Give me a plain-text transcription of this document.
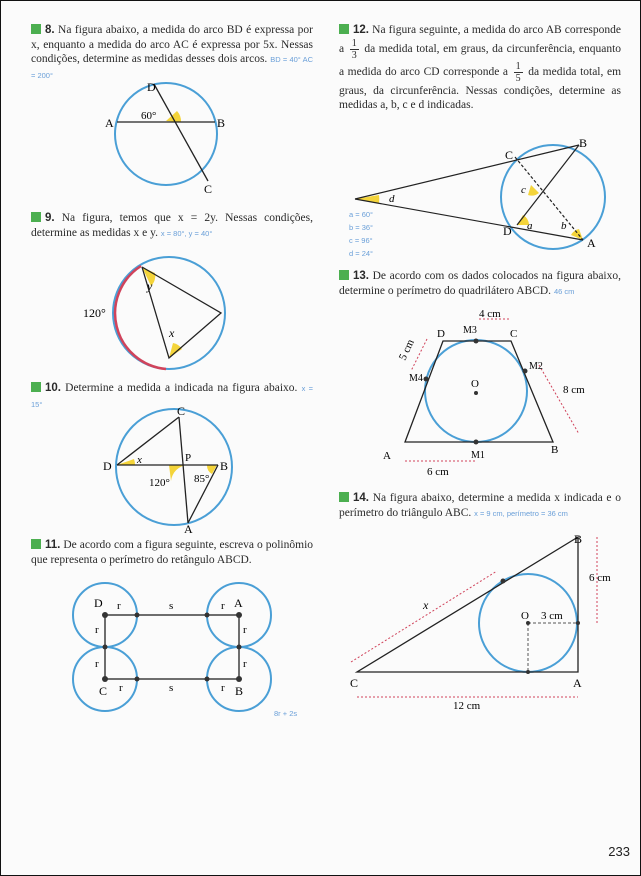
8. Na figura abaixo, a medida do arco BD é expressa por x, enquanto a medida do arco AC é expressa por 5x. Nessas condições, determine as medidas desses dois arcos. BD = 40° AC = 200°
A	B
C
D
60°
9. Na figura, temos que x = 2y. Nessas condições, determine as medidas x e y. x = 80°, y = 40°
120°
y
x
10. Determine a medida a indicada na figura abaixo. x = 15°
D	B
C
A
P
x
120° 85°
11. De acordo com a figura seguinte, escreva o polinômio que representa o perímetro do retângulo ABCD.
D	A
C	B
r	r
r	r
r
r
r
r
s
s
8r + 2s
12. Na figura seguinte, a medida do arco AB corresponde a $\frac{1}{3}$ da medida total, em graus, da circunferência, enquanto a medida do arco CD corresponde a $\frac{1}{5}$ da medida total, em graus, da circunferência. Nessas condições, determine as medidas a, b, c e d indicadas.
a = 60°
b = 36°
c = 96°
d = 24°
B
C
D
A
d
c
a	b
13. De acordo com os dados colocados na figura abaixo, determine o perímetro do quadrilátero ABCD. 46 cm
A	B
C
D
O
M1
M2
M3
M4
4 cm
5 cm
6 cm
8 cm
14. Na figura abaixo, determine a medida x indicada e o perímetro do triângulo ABC. x = 9 cm, perímetro = 36 cm
C	A
B
O
x
3 cm
6 cm
12 cm
233
